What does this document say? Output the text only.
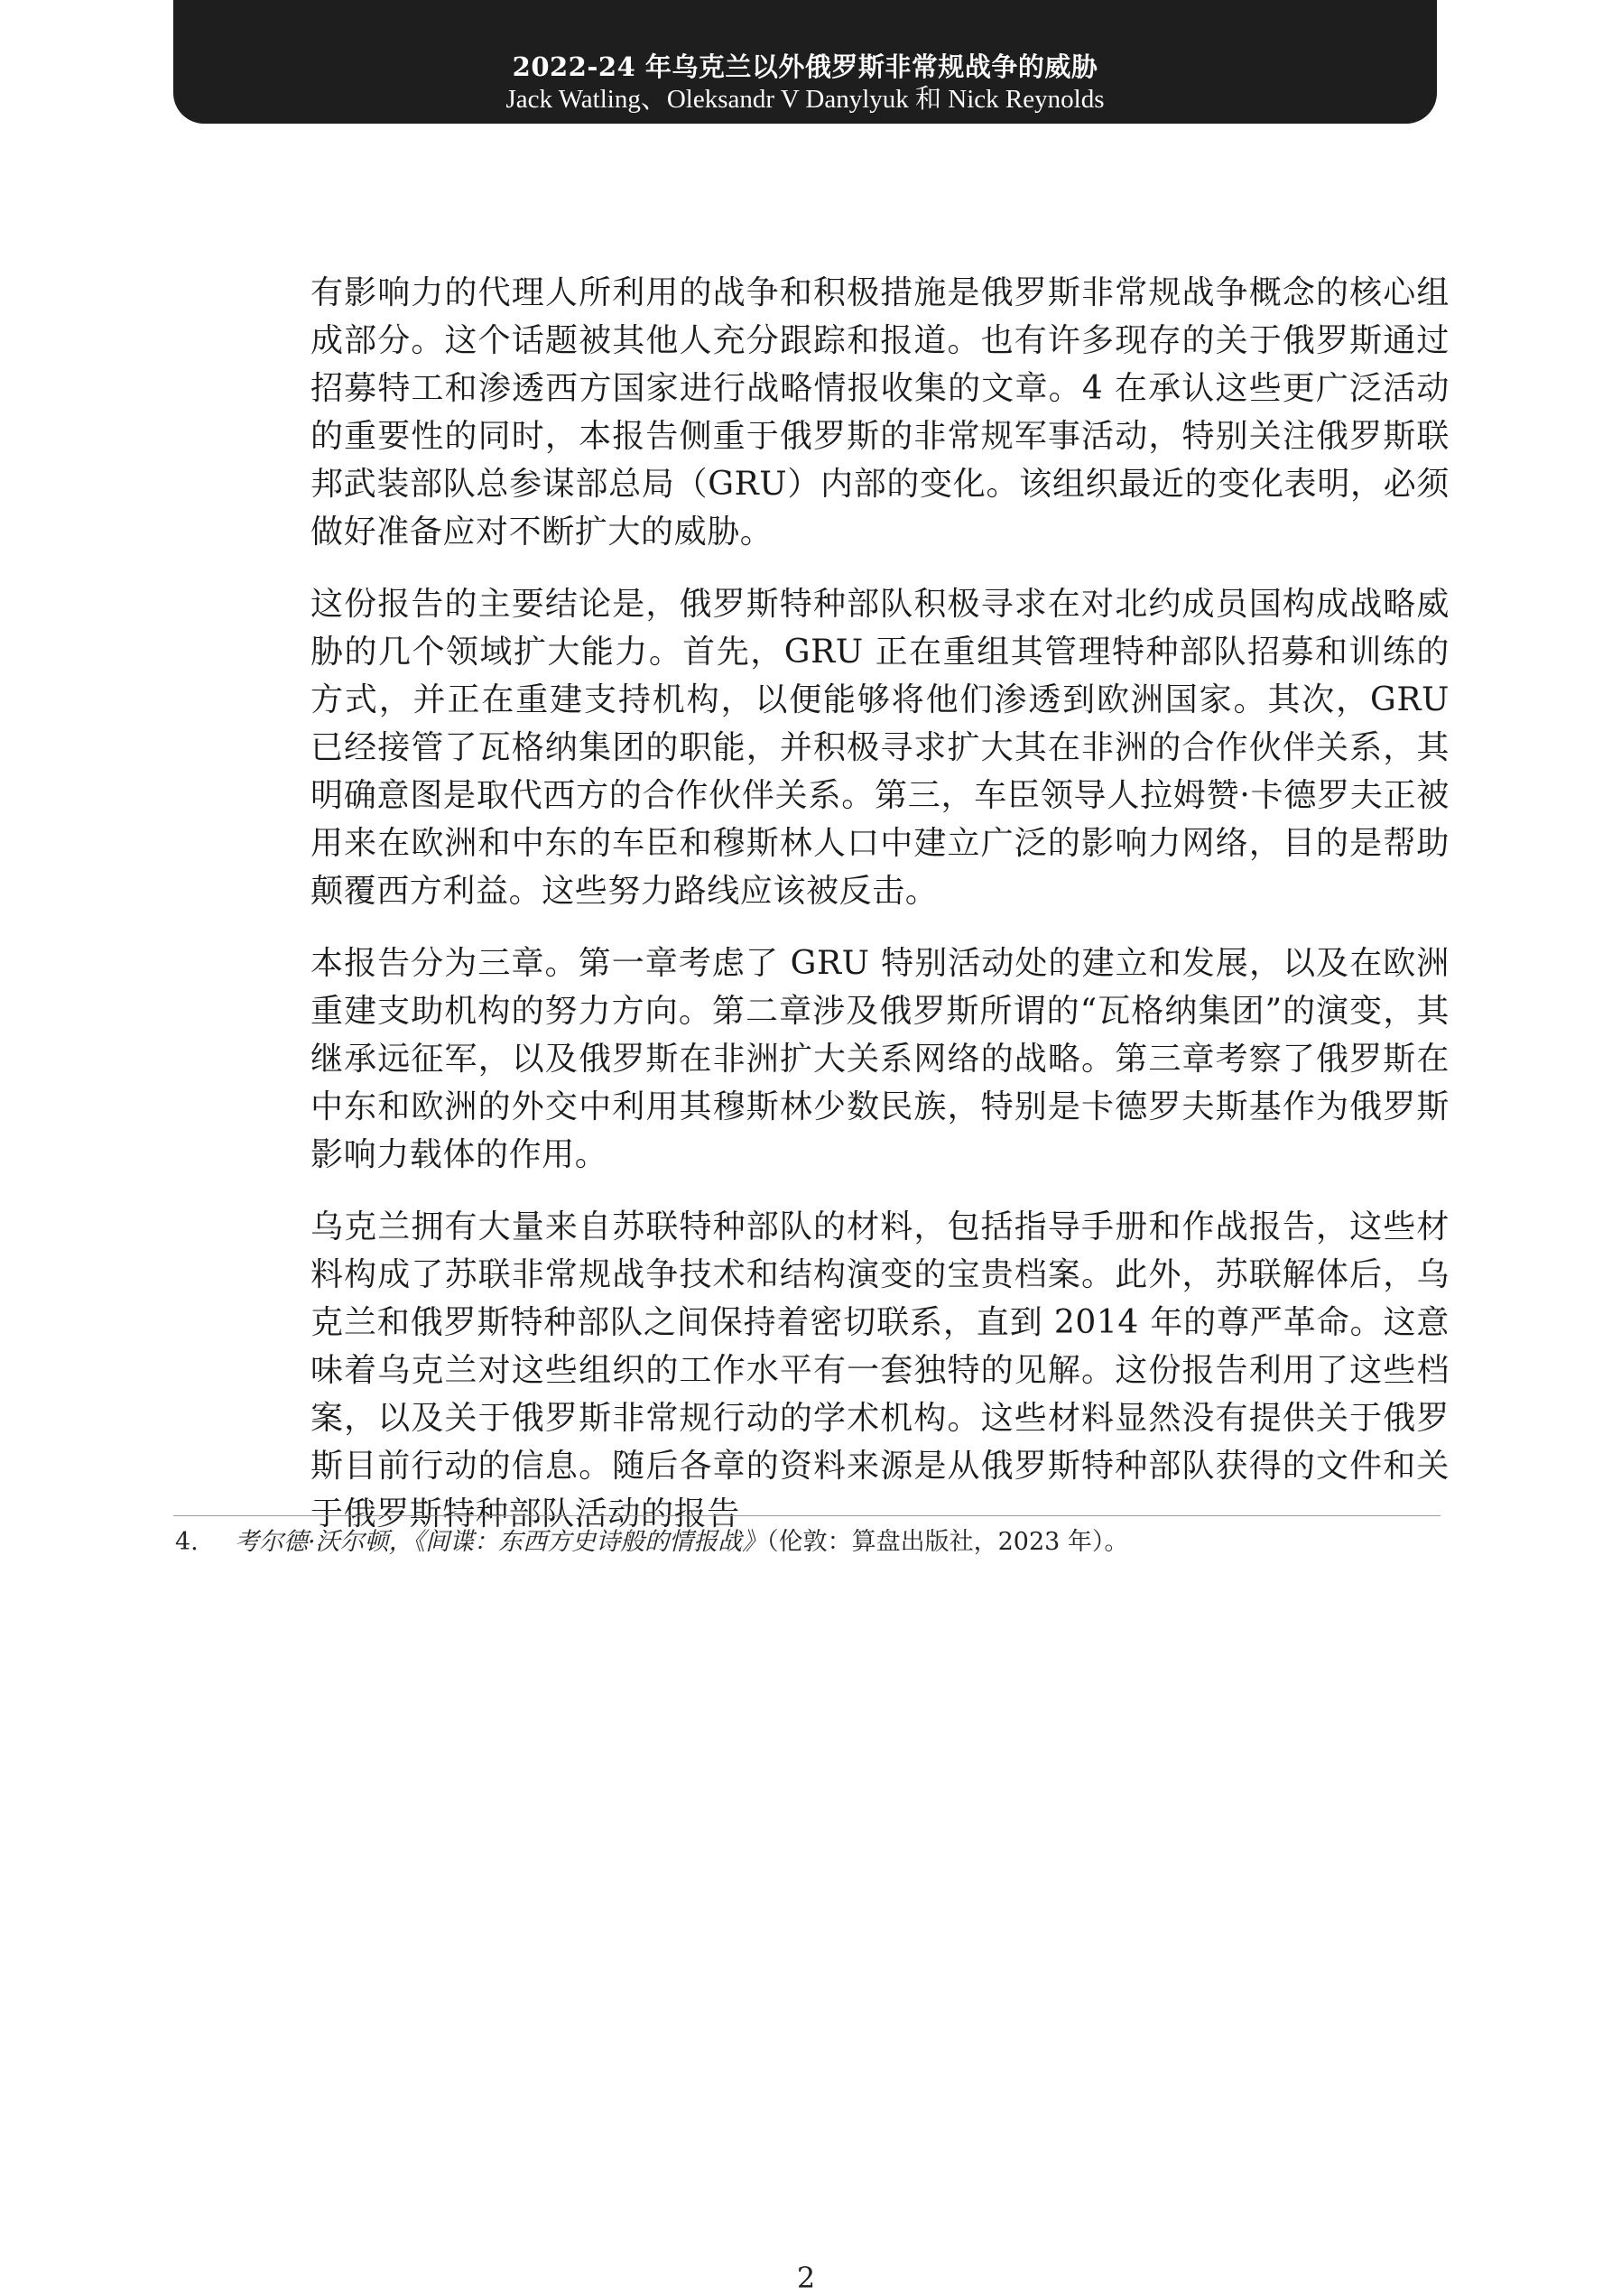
2022-24 年乌克兰以外俄罗斯非常规战争的威胁
Jack Watling、Oleksandr V Danylyuk 和 Nick Reynolds

有影响力的代理人所利用的战争和积极措施是俄罗斯非常规战争概念的核心组成部分。这个话题被其他人充分跟踪和报道。也有许多现存的关于俄罗斯通过招募特工和渗透西方国家进行战略情报收集的文章。4 在承认这些更广泛活动的重要性的同时，本报告侧重于俄罗斯的非常规军事活动，特别关注俄罗斯联邦武装部队总参谋部总局（GRU）内部的变化。该组织最近的变化表明，必须做好准备应对不断扩大的威胁。

这份报告的主要结论是，俄罗斯特种部队积极寻求在对北约成员国构成战略威胁的几个领域扩大能力。首先，GRU 正在重组其管理特种部队招募和训练的方式，并正在重建支持机构，以便能够将他们渗透到欧洲国家。其次，GRU 已经接管了瓦格纳集团的职能，并积极寻求扩大其在非洲的合作伙伴关系，其明确意图是取代西方的合作伙伴关系。第三，车臣领导人拉姆赞·卡德罗夫正被用来在欧洲和中东的车臣和穆斯林人口中建立广泛的影响力网络，目的是帮助颠覆西方利益。这些努力路线应该被反击。

本报告分为三章。第一章考虑了 GRU 特别活动处的建立和发展，以及在欧洲重建支助机构的努力方向。第二章涉及俄罗斯所谓的“瓦格纳集团”的演变，其继承远征军，以及俄罗斯在非洲扩大关系网络的战略。第三章考察了俄罗斯在中东和欧洲的外交中利用其穆斯林少数民族，特别是卡德罗夫斯基作为俄罗斯影响力载体的作用。

乌克兰拥有大量来自苏联特种部队的材料，包括指导手册和作战报告，这些材料构成了苏联非常规战争技术和结构演变的宝贵档案。此外，苏联解体后，乌克兰和俄罗斯特种部队之间保持着密切联系，直到 2014 年的尊严革命。这意味着乌克兰对这些组织的工作水平有一套独特的见解。这份报告利用了这些档案，以及关于俄罗斯非常规行动的学术机构。这些材料显然没有提供关于俄罗斯目前行动的信息。随后各章的资料来源是从俄罗斯特种部队获得的文件和关于俄罗斯特种部队活动的报告

4. 考尔德·沃尔顿，《间谍：东西方史诗般的情报战》（伦敦：算盘出版社，2023 年）。
2
